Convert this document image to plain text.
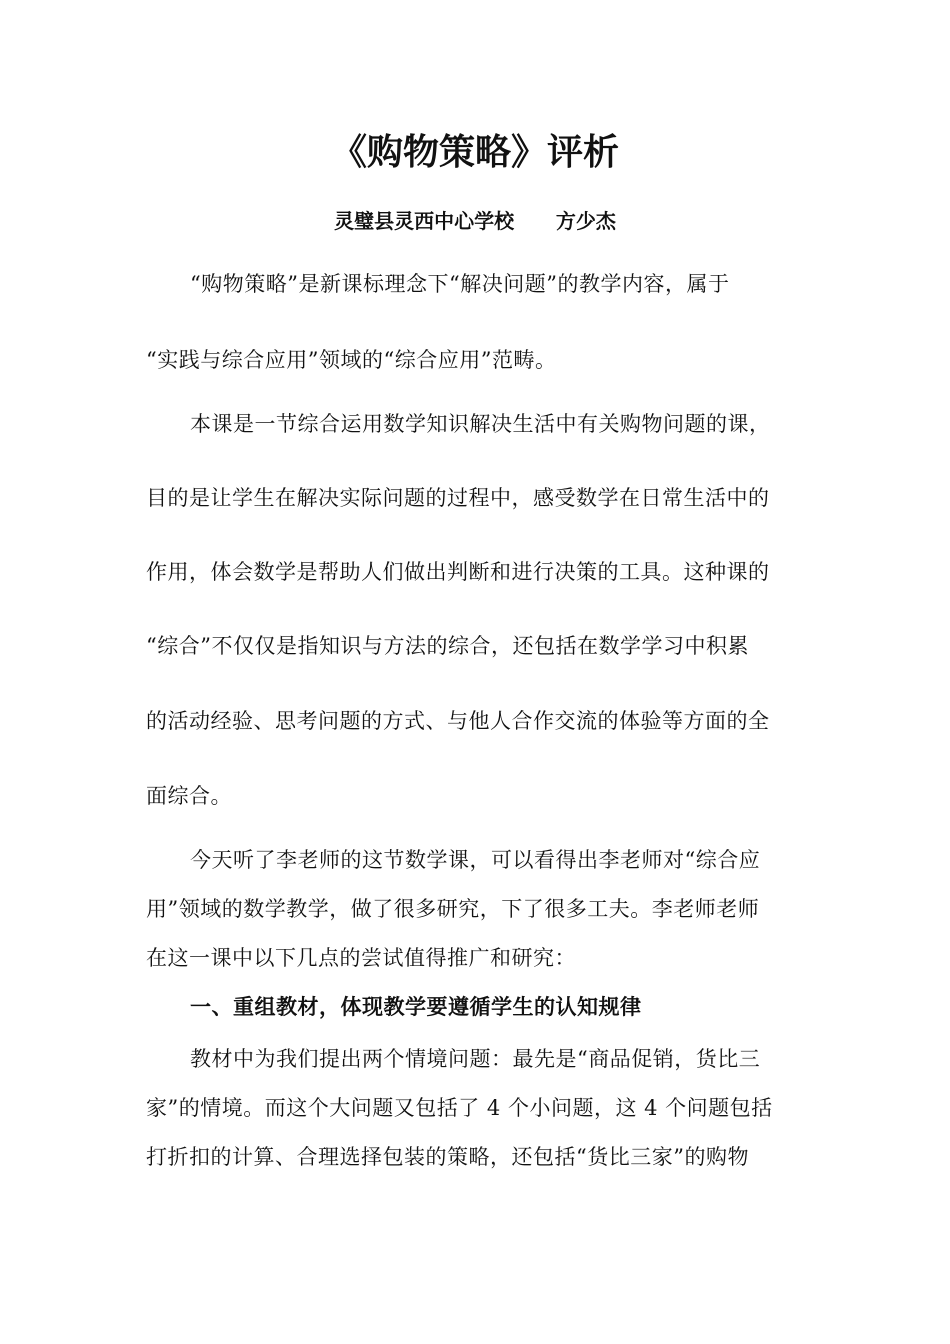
《购物策略》评析
灵璧县灵西中心学校      方少杰
“购物策略”是新课标理念下“解决问题”的教学内容，属于
“实践与综合应用”领域的“综合应用”范畴。
本课是一节综合运用数学知识解决生活中有关购物问题的课，
目的是让学生在解决实际问题的过程中，感受数学在日常生活中的
作用，体会数学是帮助人们做出判断和进行决策的工具。这种课的
“综合”不仅仅是指知识与方法的综合，还包括在数学学习中积累
的活动经验、思考问题的方式、与他人合作交流的体验等方面的全
面综合。
今天听了李老师的这节数学课，可以看得出李老师对“综合应
用”领域的数学教学，做了很多研究，下了很多工夫。李老师老师
在这一课中以下几点的尝试值得推广和研究：
一、重组教材，体现教学要遵循学生的认知规律
教材中为我们提出两个情境问题：最先是“商品促销，货比三
家”的情境。而这个大问题又包括了 4 个小问题，这 4 个问题包括
打折扣的计算、合理选择包装的策略，还包括“货比三家”的购物
